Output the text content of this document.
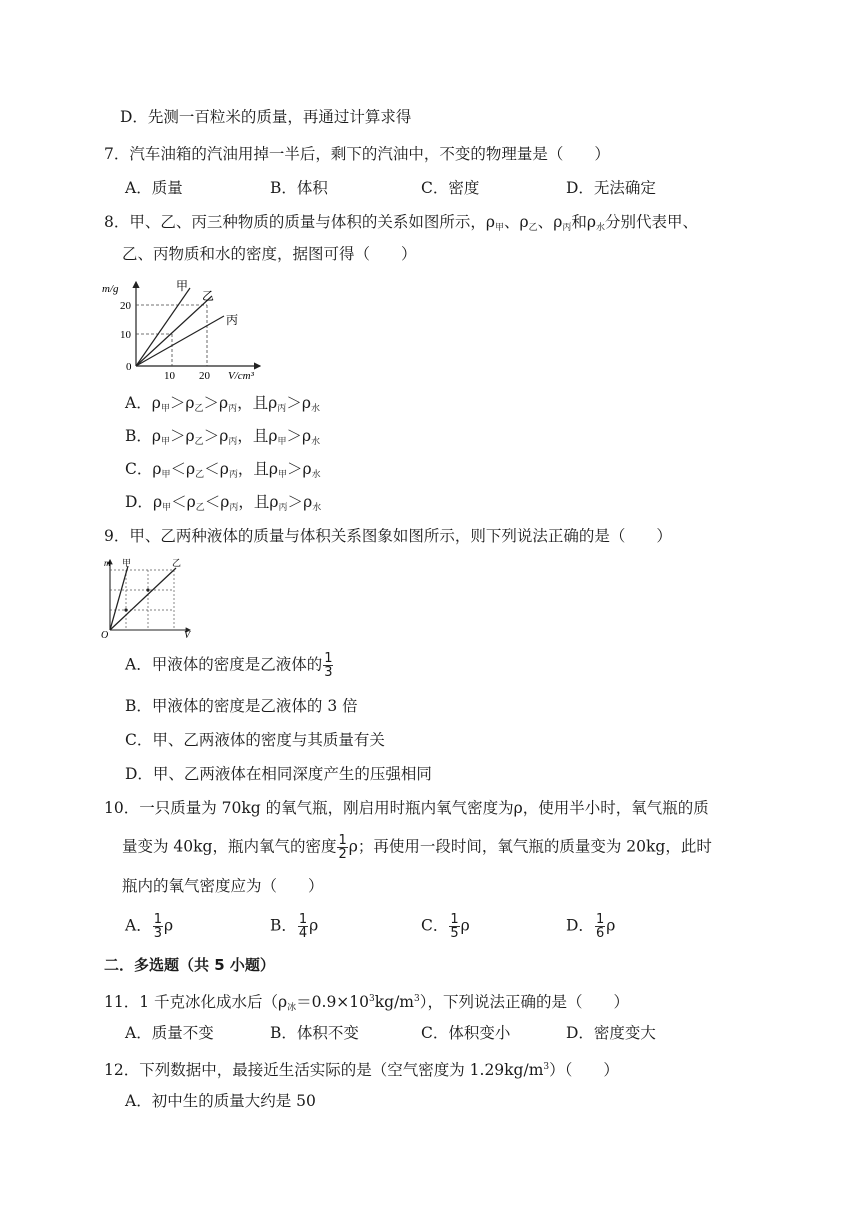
D．先测一百粒米的质量，再通过计算求得
7．汽车油箱的汽油用掉一半后，剩下的汽油中，不变的物理量是（　　）
A．质量	B．体积	C．密度	D．无法确定
8．甲、乙、丙三种物质的质量与体积的关系如图所示，$\rho_甲$、$\rho_乙$、$\rho_丙$和$\rho_水$分别代表甲、
乙、丙物质和水的密度，据图可得（　　）
m/g
0
10
20
10 20 V/cm³
甲
乙
丙
A．$\rho_甲>\rho_乙>\rho_丙$，且$\rho_丙>\rho_水$
B．$\rho_甲>\rho_乙>\rho_丙$，且$\rho_甲>\rho_水$
C．$\rho_甲<\rho_乙<\rho_丙$，且$\rho_甲>\rho_水$
D．$\rho_甲<\rho_乙<\rho_丙$，且$\rho_丙>\rho_水$
9．甲、乙两种液体的质量与体积关系图象如图所示，则下列说法正确的是（　　）
m
O	V
甲	乙
A．甲液体的密度是乙液体的 $\frac{1}{3}$
B．甲液体的密度是乙液体的 3 倍
C．甲、乙两液体的密度与其质量有关
D．甲、乙两液体在相同深度产生的压强相同
10．一只质量为 70kg 的氧气瓶，刚启用时瓶内氧气密度为ρ，使用半小时，氧气瓶的质
量变为 40kg，瓶内氧气的密度 $\frac{1}{2}$ ρ；再使用一段时间，氧气瓶的质量变为 20kg，此时
瓶内的氧气密度应为（　　）
A． $\frac{1}{3}$ ρ	B． $\frac{1}{4}$ ρ	C． $\frac{1}{5}$ ρ	D． $\frac{1}{6}$ ρ
二．多选题（共 5 小题）
11．1 千克冰化成水后$(\rho_冰=0.9\times 10^3kg/m^3)$，下列说法正确的是（　　）
A．质量不变	B．体积不变	C．体积变小	D．密度变大
12．下列数据中，最接近生活实际的是（空气密度为 $1.29kg/m^3$）（　　）
A．初中生的质量大约是 50
